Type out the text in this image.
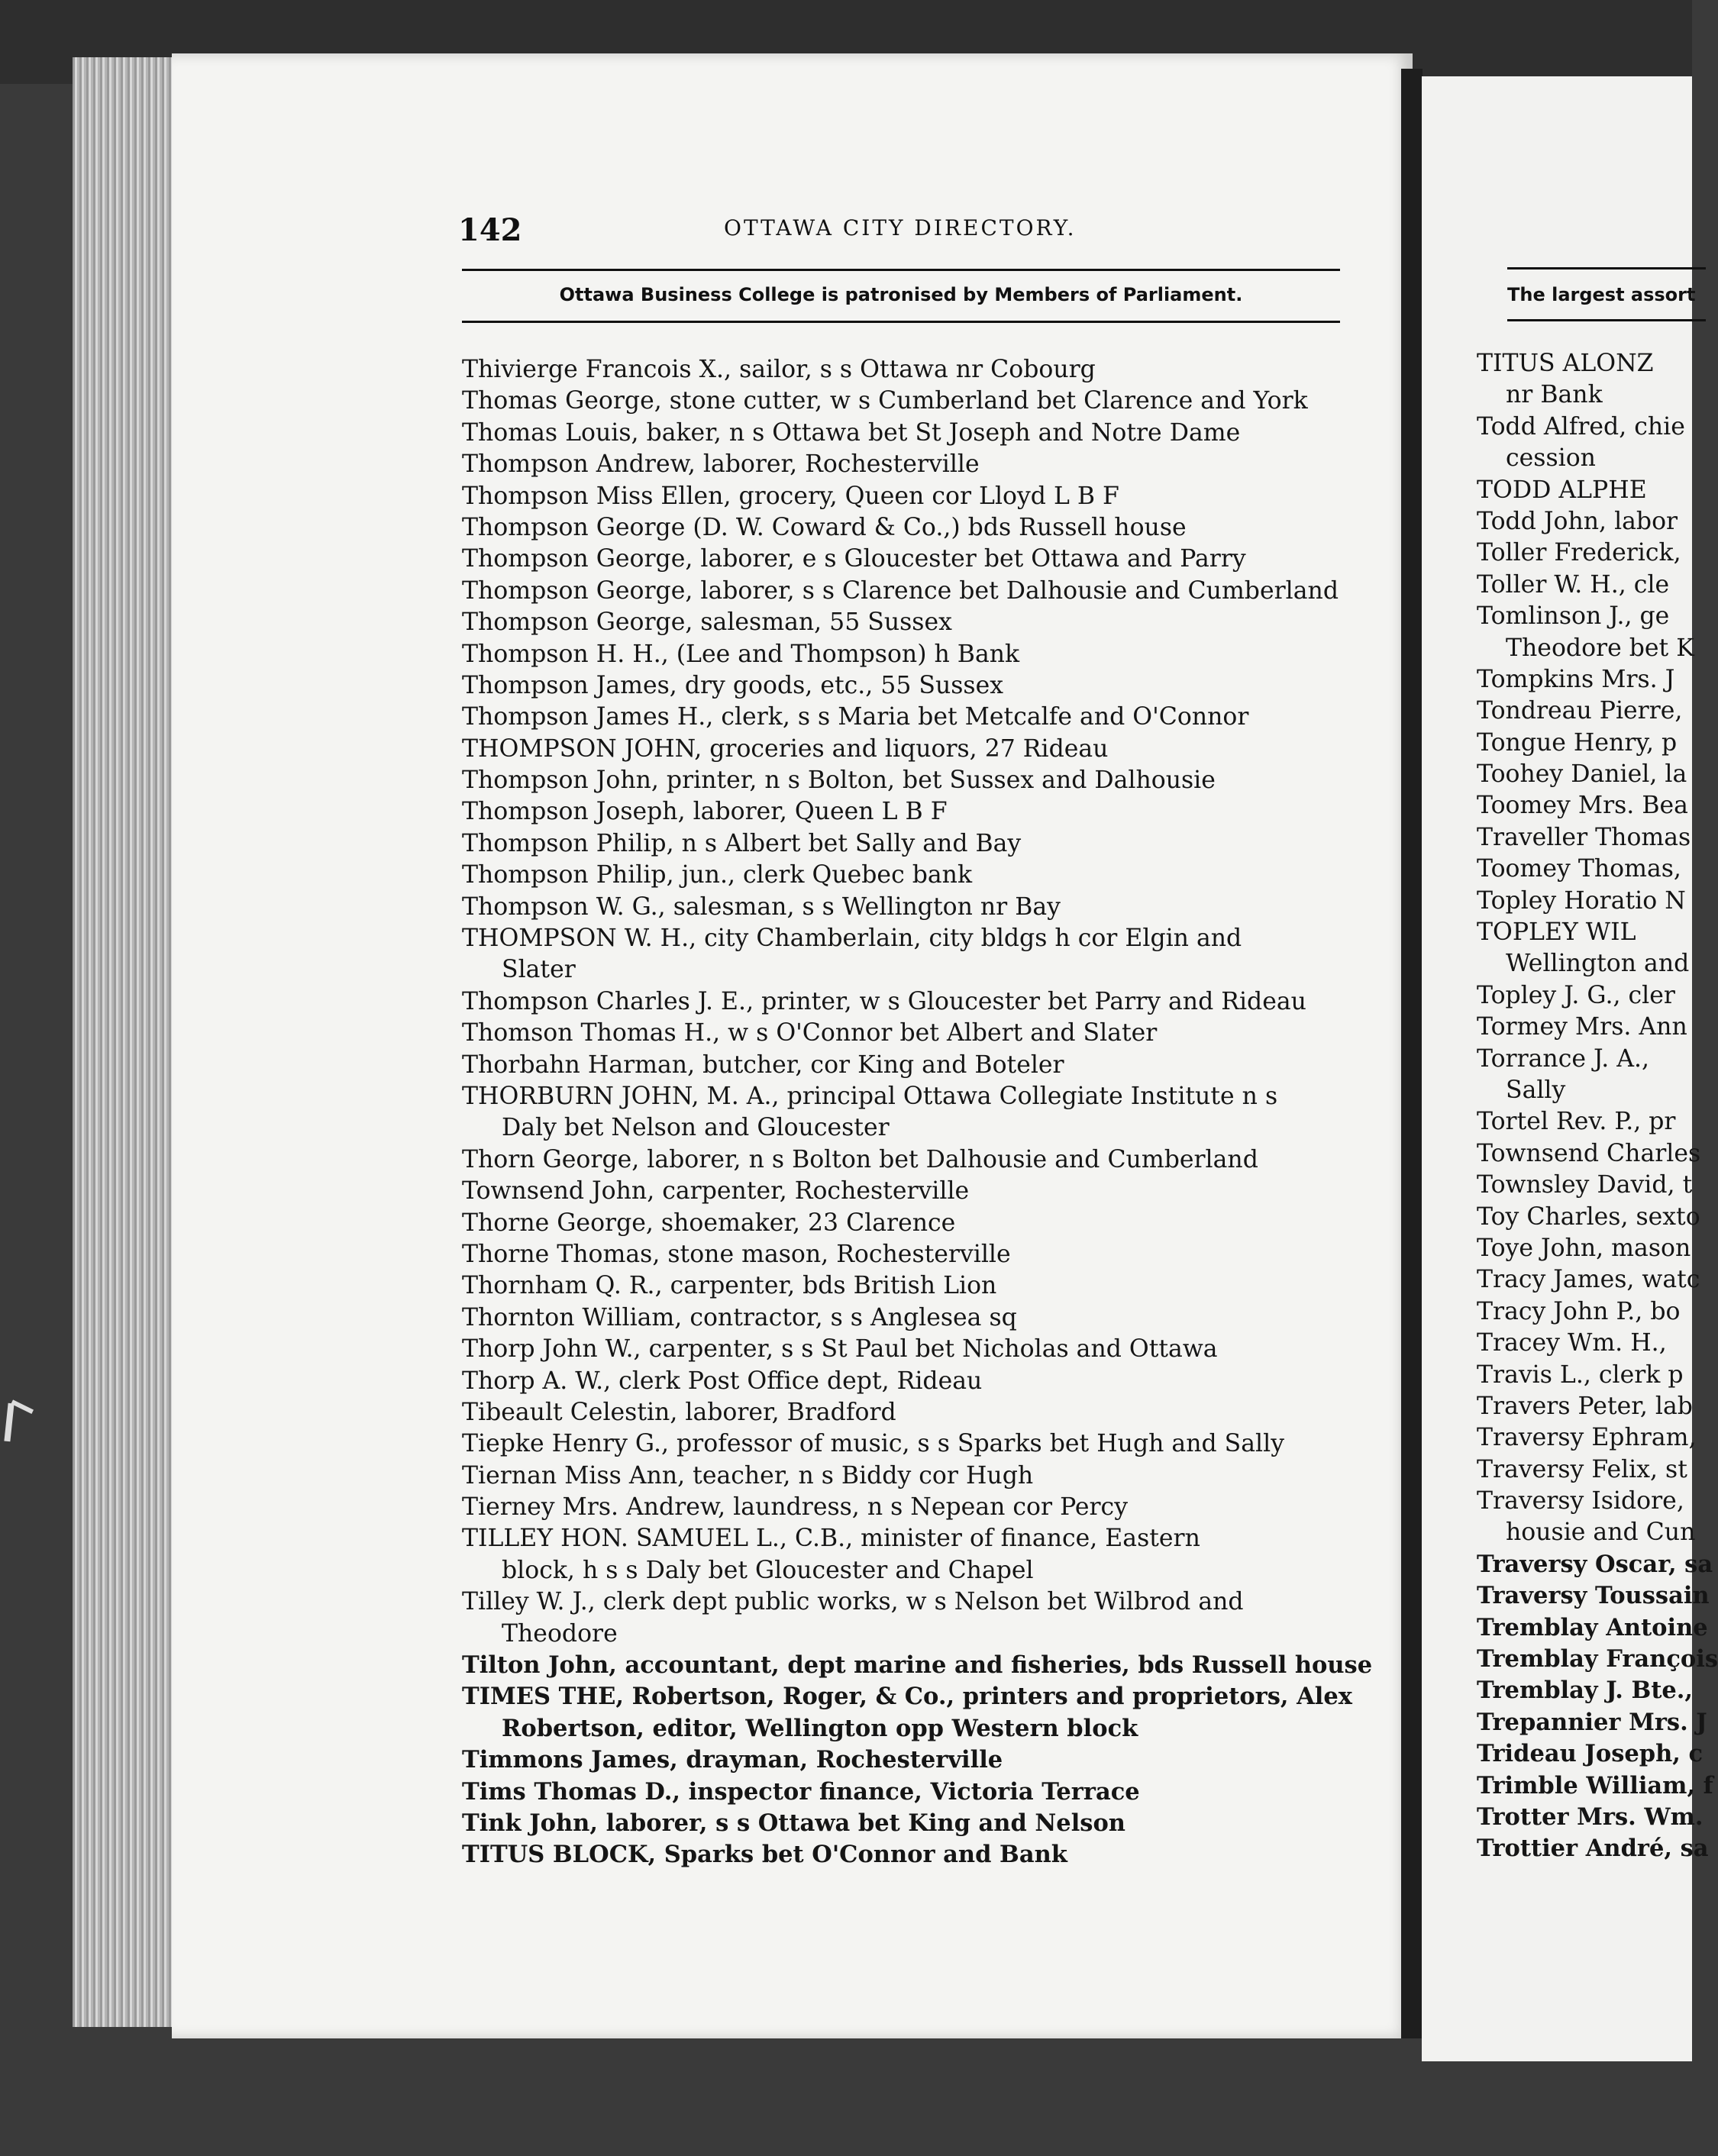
142	OTTAWA CITY DIRECTORY.
Ottawa Business College is patronised by Members of Parliament.
Thivierge Francois X., sailor, s s Ottawa nr Cobourg
Thomas George, stone cutter, w s Cumberland bet Clarence and York
Thomas Louis, baker, n s Ottawa bet St Joseph and Notre Dame
Thompson Andrew, laborer, Rochesterville
Thompson Miss Ellen, grocery, Queen cor Lloyd L B F
Thompson George (D. W. Coward & Co.,) bds Russell house
Thompson George, laborer, e s Gloucester bet Ottawa and Parry
Thompson George, laborer, s s Clarence bet Dalhousie and Cumberland
Thompson George, salesman, 55 Sussex
Thompson H. H., (Lee and Thompson) h Bank
Thompson James, dry goods, etc., 55 Sussex
Thompson James H., clerk, s s Maria bet Metcalfe and O'Connor
THOMPSON JOHN, groceries and liquors, 27 Rideau
Thompson John, printer, n s Bolton, bet Sussex and Dalhousie
Thompson Joseph, laborer, Queen L B F
Thompson Philip, n s Albert bet Sally and Bay
Thompson Philip, jun., clerk Quebec bank
Thompson W. G., salesman, s s Wellington nr Bay
THOMPSON W. H., city Chamberlain, city bldgs h cor Elgin and
Slater
Thompson Charles J. E., printer, w s Gloucester bet Parry and Rideau
Thomson Thomas H., w s O'Connor bet Albert and Slater
Thorbahn Harman, butcher, cor King and Boteler
THORBURN JOHN, M. A., principal Ottawa Collegiate Institute n s
Daly bet Nelson and Gloucester
Thorn George, laborer, n s Bolton bet Dalhousie and Cumberland
Townsend John, carpenter, Rochesterville
Thorne George, shoemaker, 23 Clarence
Thorne Thomas, stone mason, Rochesterville
Thornham Q. R., carpenter, bds British Lion
Thornton William, contractor, s s Anglesea sq
Thorp John W., carpenter, s s St Paul bet Nicholas and Ottawa
Thorp A. W., clerk Post Office dept, Rideau
Tibeault Celestin, laborer, Bradford
Tiepke Henry G., professor of music, s s Sparks bet Hugh and Sally
Tiernan Miss Ann, teacher, n s Biddy cor Hugh
Tierney Mrs. Andrew, laundress, n s Nepean cor Percy
TILLEY HON. SAMUEL L., C.B., minister of finance, Eastern
block, h s s Daly bet Gloucester and Chapel
Tilley W. J., clerk dept public works, w s Nelson bet Wilbrod and
Theodore
Tilton John, accountant, dept marine and fisheries, bds Russell house
TIMES THE, Robertson, Roger, & Co., printers and proprietors, Alex
Robertson, editor, Wellington opp Western block
Timmons James, drayman, Rochesterville
Tims Thomas D., inspector finance, Victoria Terrace
Tink John, laborer, s s Ottawa bet King and Nelson
TITUS BLOCK, Sparks bet O'Connor and Bank
The largest assort
TITUS ALONZ
nr Bank
Todd Alfred, chie
cession
TODD ALPHE
Todd John, labor
Toller Frederick,
Toller W. H., cle
Tomlinson J., ge
Theodore bet K
Tompkins Mrs. J
Tondreau Pierre,
Tongue Henry, p
Toohey Daniel, la
Toomey Mrs. Bea
Traveller Thomas
Toomey Thomas,
Topley Horatio N
TOPLEY WIL
Wellington and
Topley J. G., cler
Tormey Mrs. Ann
Torrance J. A.,
Sally
Tortel Rev. P., pr
Townsend Charles
Townsley David, t
Toy Charles, sexto
Toye John, mason
Tracy James, watc
Tracy John P., bo
Tracey Wm. H.,
Travis L., clerk p
Travers Peter, lab
Traversy Ephram,
Traversy Felix, st
Traversy Isidore,
housie and Cun
Traversy Oscar, sa
Traversy Toussain
Tremblay Antoine
Tremblay François
Tremblay J. Bte.,
Trepannier Mrs. J
Trideau Joseph, c
Trimble William, f
Trotter Mrs. Wm.
Trottier André, sa
